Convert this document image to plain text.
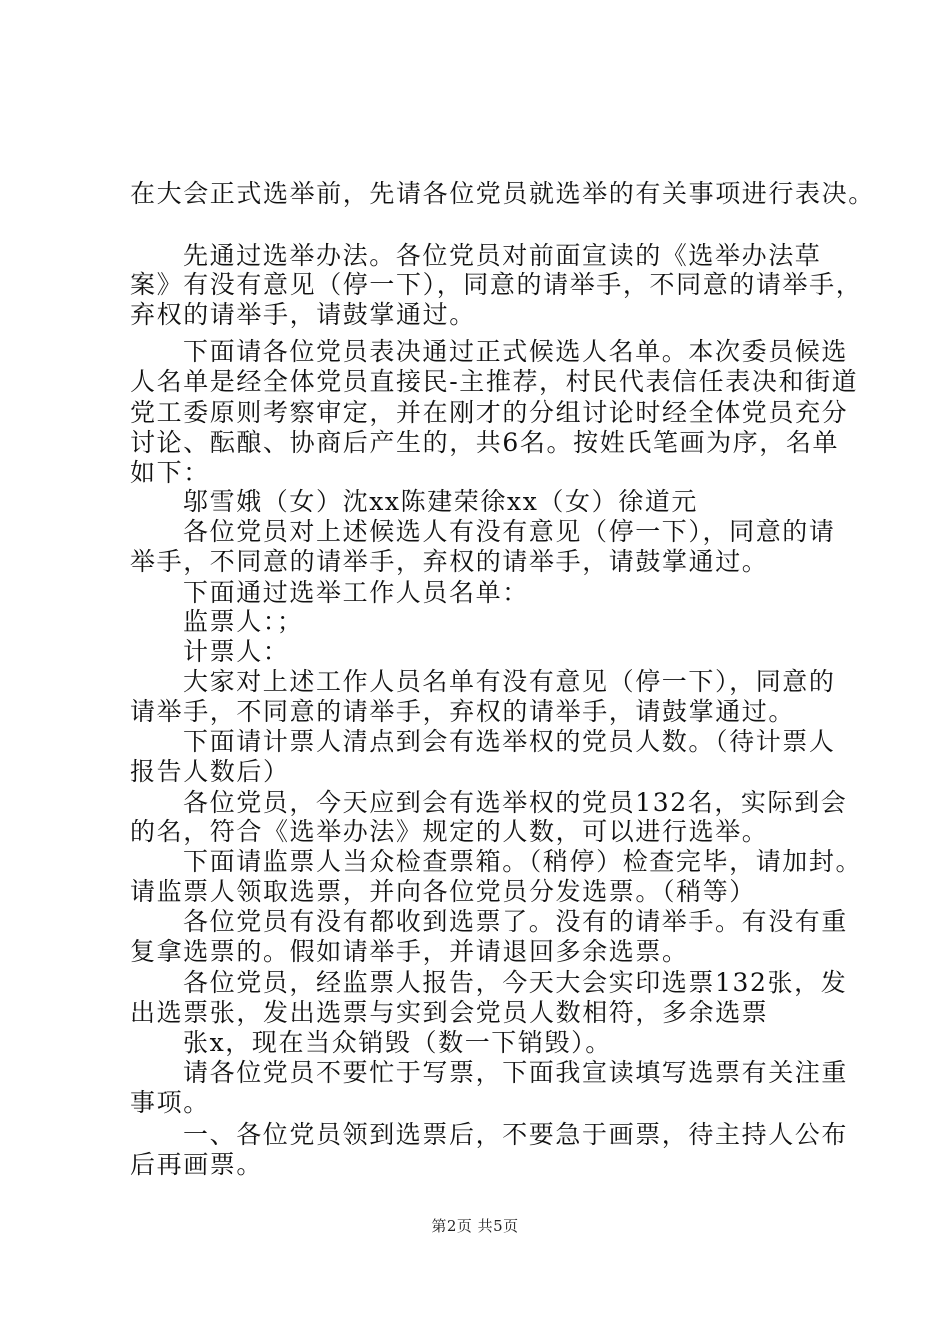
在大会正式选举前，先请各位党员就选举的有关事项进行表决。
先通过选举办法。各位党员对前面宣读的《选举办法草
案》有没有意见（停一下），同意的请举手，不同意的请举手，
弃权的请举手，请鼓掌通过。
下面请各位党员表决通过正式候选人名单。本次委员候选
人名单是经全体党员直接民-主推荐，村民代表信任表决和街道
党工委原则考察审定，并在刚才的分组讨论时经全体党员充分
讨论、酝酿、协商后产生的，共6名。按姓氏笔画为序，名单
如下：
邬雪娥（女）沈xx陈建荣徐xx（女）徐道元
各位党员对上述候选人有没有意见（停一下），同意的请
举手，不同意的请举手，弃权的请举手，请鼓掌通过。
下面通过选举工作人员名单：
监票人：；
计票人：
大家对上述工作人员名单有没有意见（停一下），同意的
请举手，不同意的请举手，弃权的请举手，请鼓掌通过。
下面请计票人清点到会有选举权的党员人数。（待计票人
报告人数后）
各位党员，今天应到会有选举权的党员132名，实际到会
的名，符合《选举办法》规定的人数，可以进行选举。
下面请监票人当众检查票箱。（稍停）检查完毕，请加封。
请监票人领取选票，并向各位党员分发选票。（稍等）
各位党员有没有都收到选票了。没有的请举手。有没有重
复拿选票的。假如请举手，并请退回多余选票。
各位党员，经监票人报告，今天大会实印选票132张，发
出选票张，发出选票与实到会党员人数相符，多余选票
张x，现在当众销毁（数一下销毁）。
请各位党员不要忙于写票，下面我宣读填写选票有关注重
事项。
一、各位党员领到选票后，不要急于画票，待主持人公布
后再画票。
第2页 共5页
